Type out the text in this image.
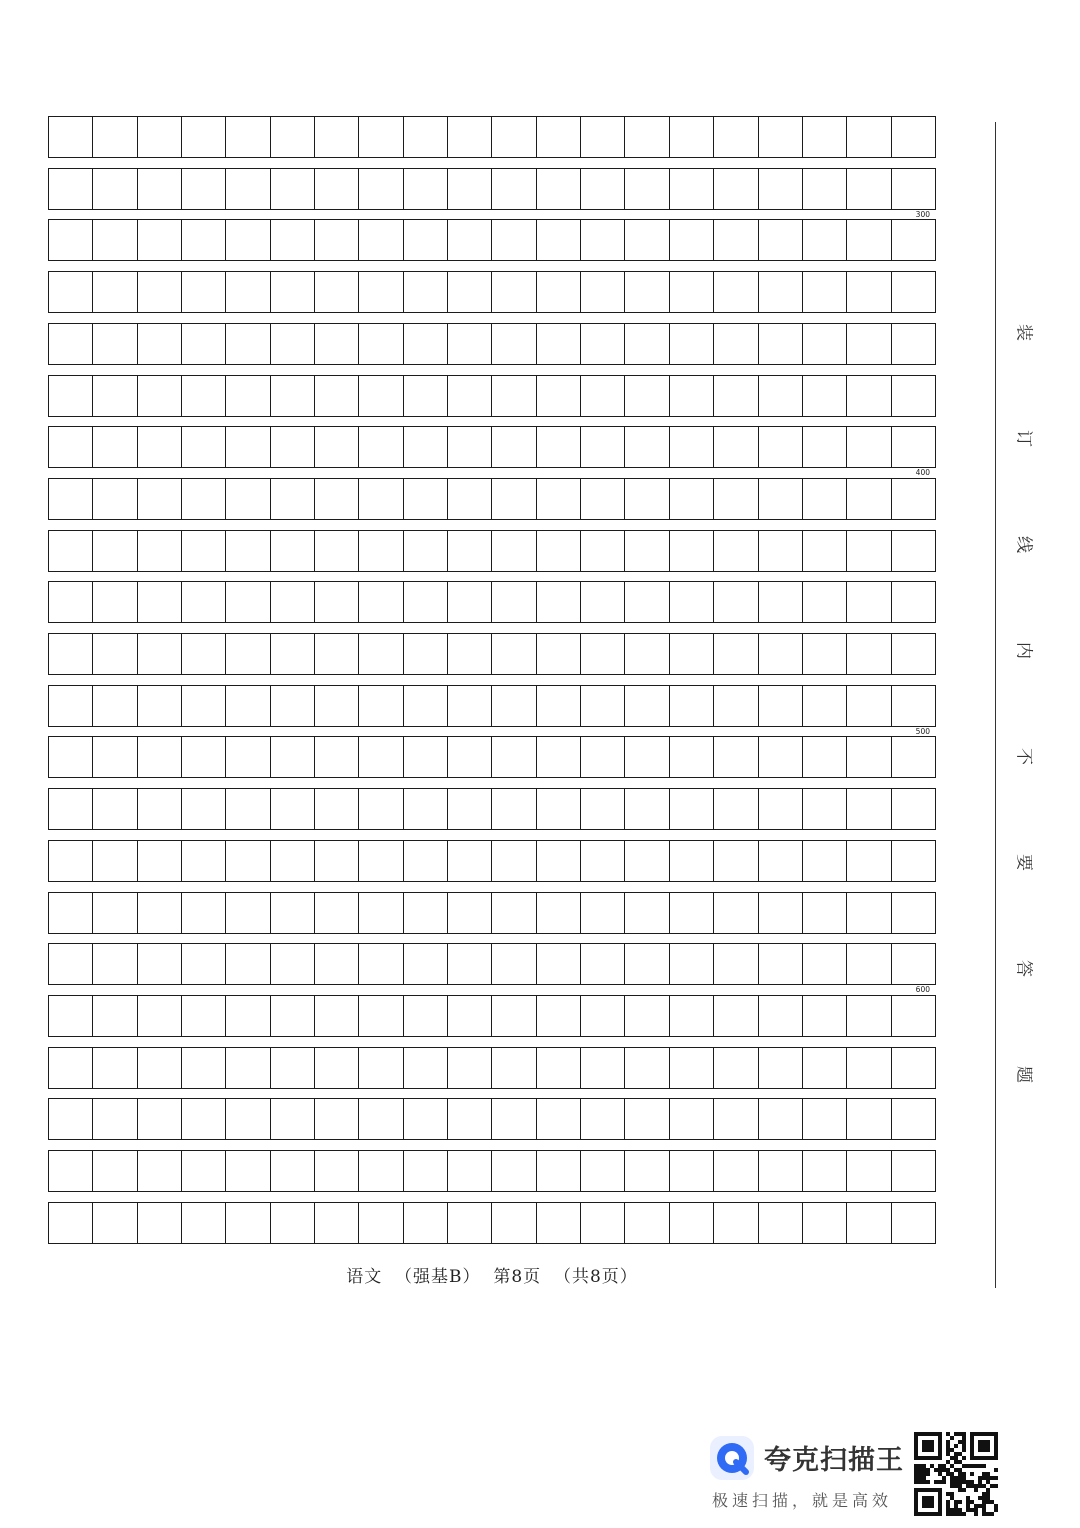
300
400
500
600
语文 （强基B） 第8页 （共8页）
装
订
线
内
不
要
答
题
夸克扫描王
极速扫描，就是高效
